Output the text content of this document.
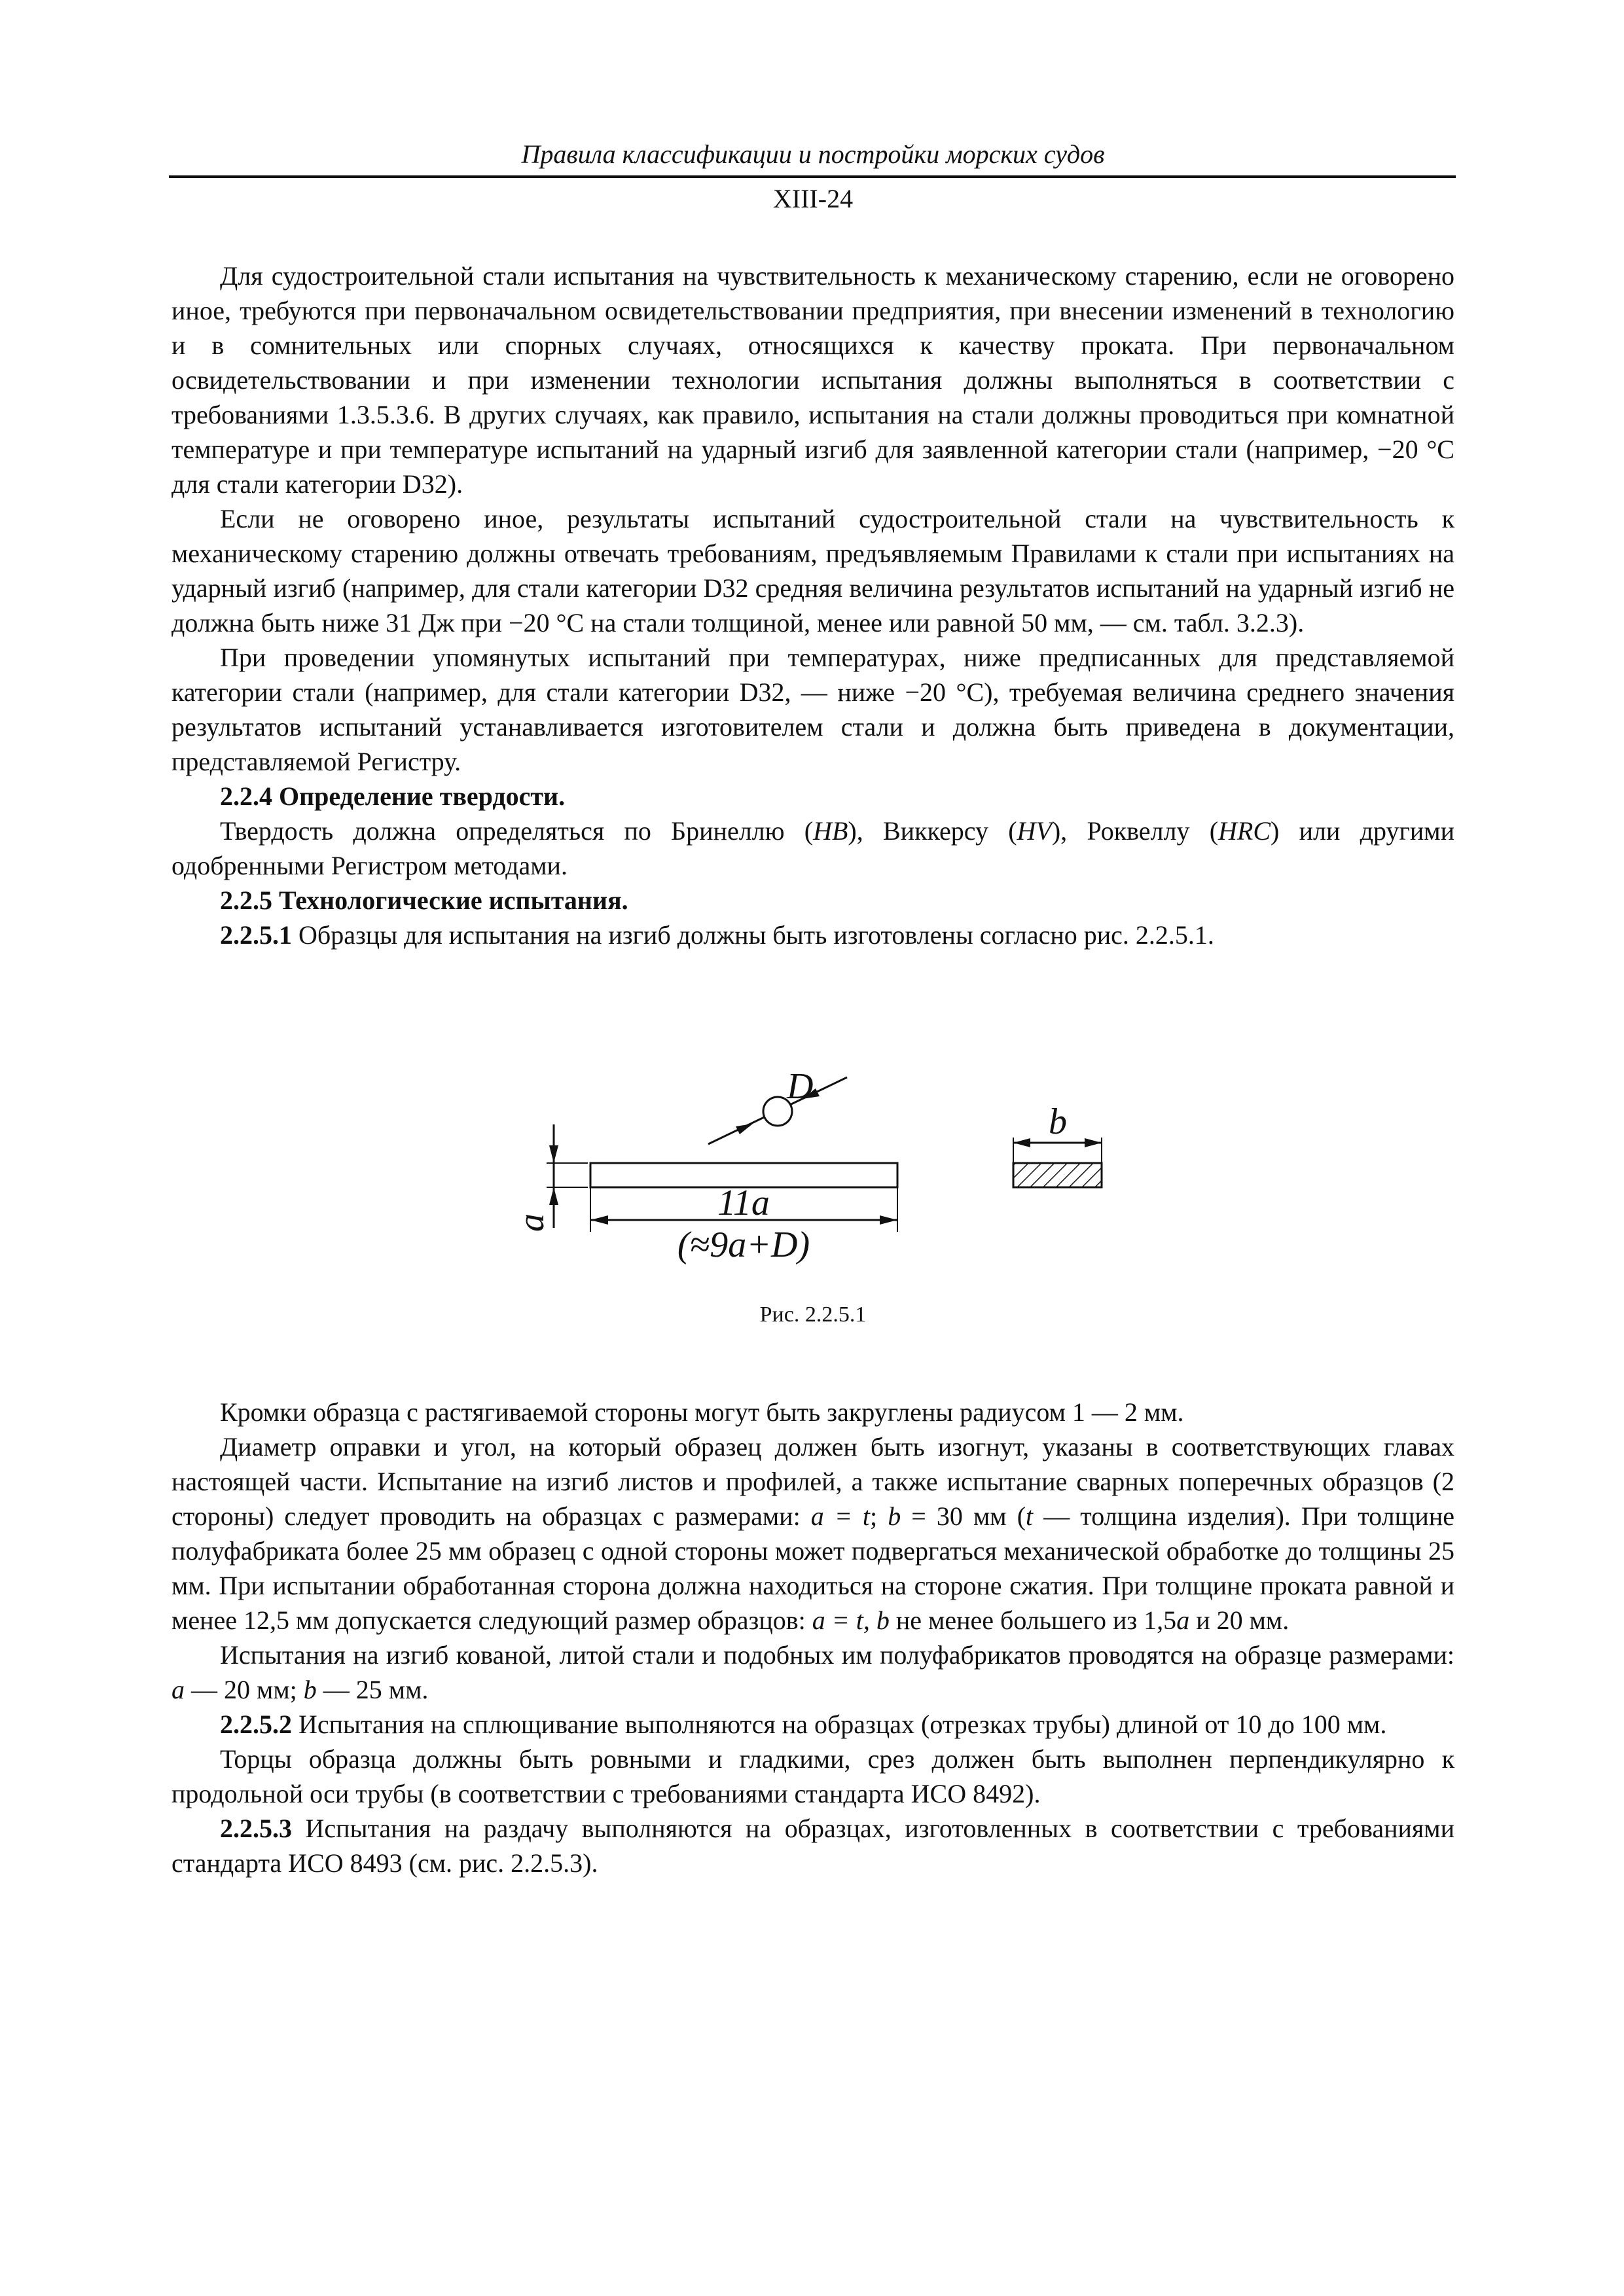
Правила классификации и постройки морских судов
XIII-24

Для судостроительной стали испытания на чувствительность к механическому старению, если не оговорено иное, требуются при первоначальном освидетельствовании предприятия, при внесении изменений в технологию и в сомнительных или спорных случаях, относящихся к качеству проката. При первоначальном освидетельствовании и при изменении технологии испытания должны выполняться в соответствии с требованиями 1.3.5.3.6. В других случаях, как правило, испытания на стали должны проводиться при комнатной температуре и при температуре испытаний на ударный изгиб для заявленной категории стали (например, −20 °C для стали категории D32).

Если не оговорено иное, результаты испытаний судостроительной стали на чувствительность к механическому старению должны отвечать требованиям, предъявляемым Правилами к стали при испытаниях на ударный изгиб (например, для стали категории D32 средняя величина результатов испытаний на ударный изгиб не должна быть ниже 31 Дж при −20 °C на стали толщиной, менее или равной 50 мм, — см. табл. 3.2.3).

При проведении упомянутых испытаний при температурах, ниже предписанных для представляемой категории стали (например, для стали категории D32, — ниже −20 °C), требуемая величина среднего значения результатов испытаний устанавливается изготовителем стали и должна быть приведена в документации, представляемой Регистру.

2.2.4 Определение твердости.

Твердость должна определяться по Бринеллю (HB), Виккерсу (HV), Роквеллу (HRC) или другими одобренными Регистром методами.

2.2.5 Технологические испытания.

2.2.5.1 Образцы для испытания на изгиб должны быть изготовлены согласно рис. 2.2.5.1.

D
a	11a
(≈9a+D)
b
Рис. 2.2.5.1

Кромки образца с растягиваемой стороны могут быть закруглены радиусом 1 — 2 мм.

Диаметр оправки и угол, на который образец должен быть изогнут, указаны в соответствующих главах настоящей части. Испытание на изгиб листов и профилей, а также испытание сварных поперечных образцов (2 стороны) следует проводить на образцах с размерами: a = t; b = 30 мм (t — толщина изделия). При толщине полуфабриката более 25 мм образец с одной стороны может подвергаться механической обработке до толщины 25 мм. При испытании обработанная сторона должна находиться на стороне сжатия. При толщине проката равной и менее 12,5 мм допускается следующий размер образцов: a = t, b не менее большего из 1,5a и 20 мм.

Испытания на изгиб кованой, литой стали и подобных им полуфабрикатов проводятся на образце размерами: a — 20 мм; b — 25 мм.

2.2.5.2 Испытания на сплющивание выполняются на образцах (отрезках трубы) длиной от 10 до 100 мм.

Торцы образца должны быть ровными и гладкими, срез должен быть выполнен перпендикулярно к продольной оси трубы (в соответствии с требованиями стандарта ИСО 8492).

2.2.5.3 Испытания на раздачу выполняются на образцах, изготовленных в соответствии с требованиями стандарта ИСО 8493 (см. рис. 2.2.5.3).
